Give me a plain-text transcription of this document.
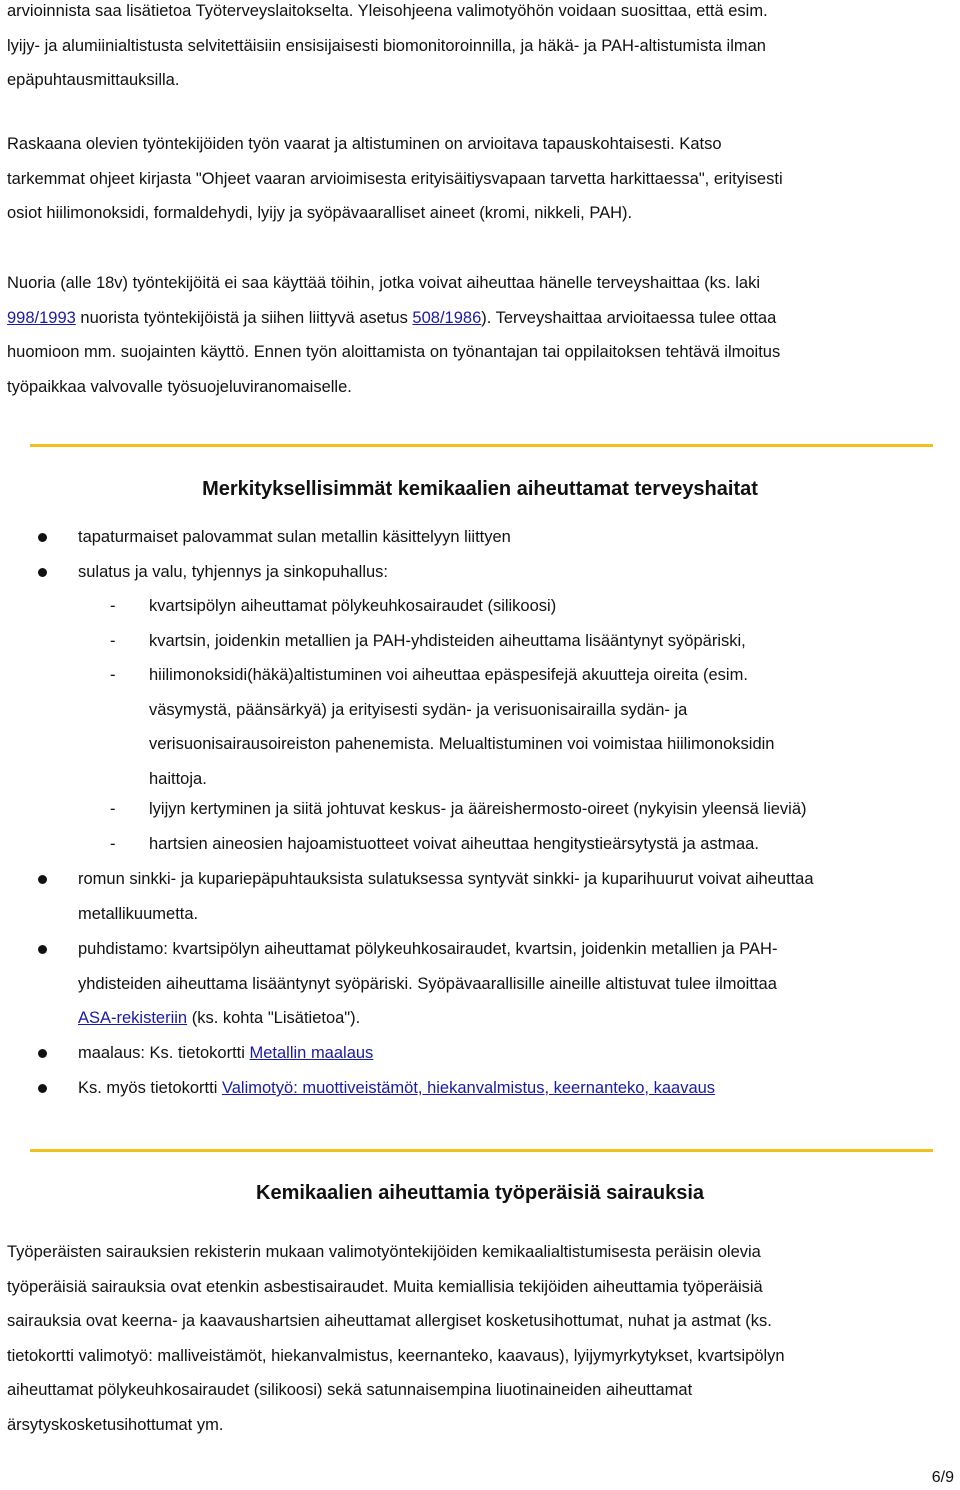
arvioinnista saa lisätietoa Työterveyslaitokselta. Yleisohjeena valimotyöhön voidaan suosittaa, että esim.
lyijy- ja alumiinialtistusta selvitettäisiin ensisijaisesti biomonitoroinnilla, ja häkä- ja PAH-altistumista ilman
epäpuhtausmittauksilla.
Raskaana olevien työntekijöiden työn vaarat ja altistuminen on arvioitava tapauskohtaisesti. Katso
tarkemmat ohjeet kirjasta "Ohjeet vaaran arvioimisesta erityisäitiysvapaan tarvetta harkittaessa", erityisesti
osiot hiilimonoksidi, formaldehydi, lyijy ja syöpävaaralliset aineet (kromi, nikkeli, PAH).
Nuoria (alle 18v) työntekijöitä ei saa käyttää töihin, jotka voivat aiheuttaa hänelle terveyshaittaa (ks. laki
998/1993 nuorista työntekijöistä ja siihen liittyvä asetus 508/1986). Terveyshaittaa arvioitaessa tulee ottaa
huomioon mm. suojainten käyttö. Ennen työn aloittamista on työnantajan tai oppilaitoksen tehtävä ilmoitus
työpaikkaa valvovalle työsuojeluviranomaiselle.
Merkityksellisimmät kemikaalien aiheuttamat terveyshaitat
tapaturmaiset palovammat sulan metallin käsittelyyn liittyen
sulatus ja valu, tyhjennys ja sinkopuhallus:
- kvartsipölyn aiheuttamat pölykeuhkosairaudet (silikoosi)
- kvartsin, joidenkin metallien ja PAH-yhdisteiden aiheuttama lisääntynyt syöpäriski,
- hiilimonoksidi(häkä)altistuminen voi aiheuttaa epäspesifejä akuutteja oireita (esim.
väsymystä, päänsärkyä) ja erityisesti sydän- ja verisuonisairailla sydän- ja
verisuonisairausoireiston pahenemista. Melualtistuminen voi voimistaa hiilimonoksidin
haittoja.
- lyijyn kertyminen ja siitä johtuvat keskus- ja ääreishermosto-oireet (nykyisin yleensä lieviä)
- hartsien aineosien hajoamistuotteet voivat aiheuttaa hengitystieärsytystä ja astmaa.
romun sinkki- ja kupariepäpuhtauksista sulatuksessa syntyvät sinkki- ja kuparihuurut voivat aiheuttaa
metallikuumetta.
puhdistamo: kvartsipölyn aiheuttamat pölykeuhkosairaudet, kvartsin, joidenkin metallien ja PAH-
yhdisteiden aiheuttama lisääntynyt syöpäriski. Syöpävaarallisille aineille altistuvat tulee ilmoittaa
ASA-rekisteriin (ks. kohta "Lisätietoa").
maalaus: Ks. tietokortti Metallin maalaus
Ks. myös tietokortti Valimotyö: muottiveistämöt, hiekanvalmistus, keernanteko, kaavaus
Kemikaalien aiheuttamia työperäisiä sairauksia
Työperäisten sairauksien rekisterin mukaan valimotyöntekijöiden kemikaalialtistumisesta peräisin olevia
työperäisiä sairauksia ovat etenkin asbestisairaudet. Muita kemiallisia tekijöiden aiheuttamia työperäisiä
sairauksia ovat keerna- ja kaavaushartsien aiheuttamat allergiset kosketusihottumat, nuhat ja astmat (ks.
tietokortti valimotyö: malliveistämöt, hiekanvalmistus, keernanteko, kaavaus), lyijymyrkytykset, kvartsipölyn
aiheuttamat pölykeuhkosairaudet (silikoosi) sekä satunnaisempina liuotinaineiden aiheuttamat
ärsytyskosketusihottumat ym.
6/9
